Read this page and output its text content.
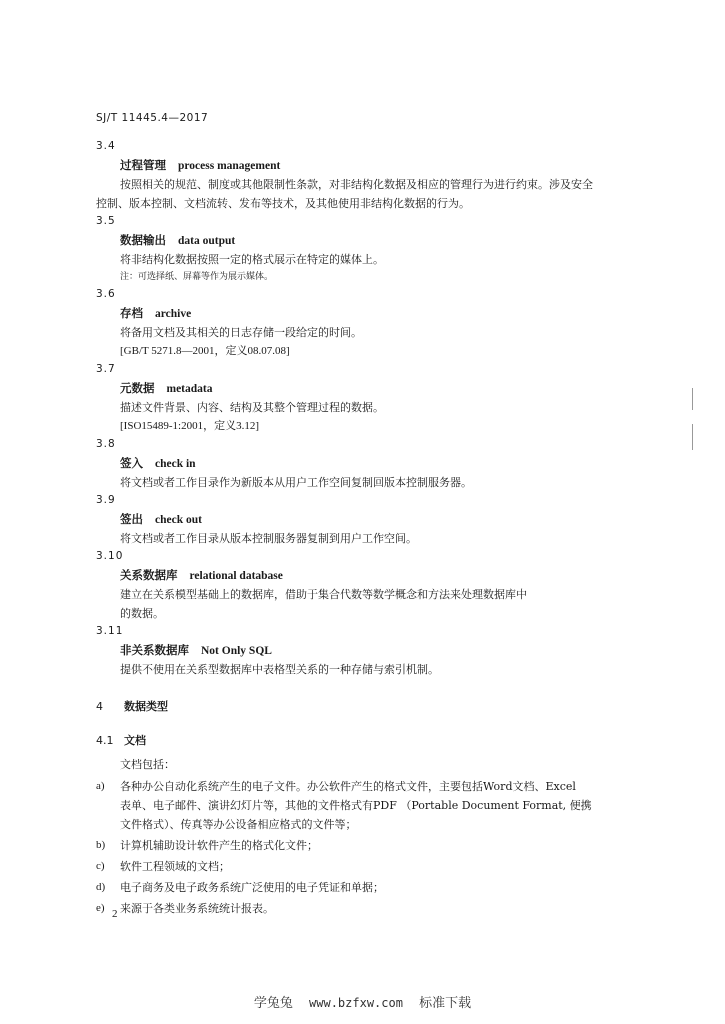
SJ/T 11445.4—2017
3.4
过程管理 process management
按照相关的规范、制度或其他限制性条款，对非结构化数据及相应的管理行为进行约束。涉及安全
控制、版本控制、文档流转、发布等技术，及其他使用非结构化数据的行为。
3.5
数据输出 data output
将非结构化数据按照一定的格式展示在特定的媒体上。
注：可选择纸、屏幕等作为展示媒体。
3.6
存档 archive
将备用文档及其相关的日志存储一段给定的时间。
[GB/T 5271.8—2001，定义08.07.08]
3.7
元数据 metadata
描述文件背景、内容、结构及其整个管理过程的数据。
[ISO15489-1:2001，定义3.12]
3.8
签入 check in
将文档或者工作目录作为新版本从用户工作空间复制回版本控制服务器。
3.9
签出 check out
将文档或者工作目录从版本控制服务器复制到用户工作空间。
3.10
关系数据库 relational database
建立在关系模型基础上的数据库，借助于集合代数等数学概念和方法来处理数据库中
的数据。
3.11
非关系数据库 Not Only SQL
提供不使用在关系型数据库中表格型关系的一种存储与索引机制。
4 数据类型
4.1 文档
文档包括：
a)	各种办公自动化系统产生的电子文件。办公软件产生的格式文件，主要包括Word文档、Excel
表单、电子邮件、演讲幻灯片等，其他的文件格式有PDF （Portable Document Format, 便携
文件格式）、传真等办公设备相应格式的文件等；
b)	计算机辅助设计软件产生的格式化文件；
c)	软件工程领域的文档；
d)	电子商务及电子政务系统广泛使用的电子凭证和单据；
e)	来源于各类业务系统统计报表。
2
学兔兔 www.bzfxw.com 标准下载
